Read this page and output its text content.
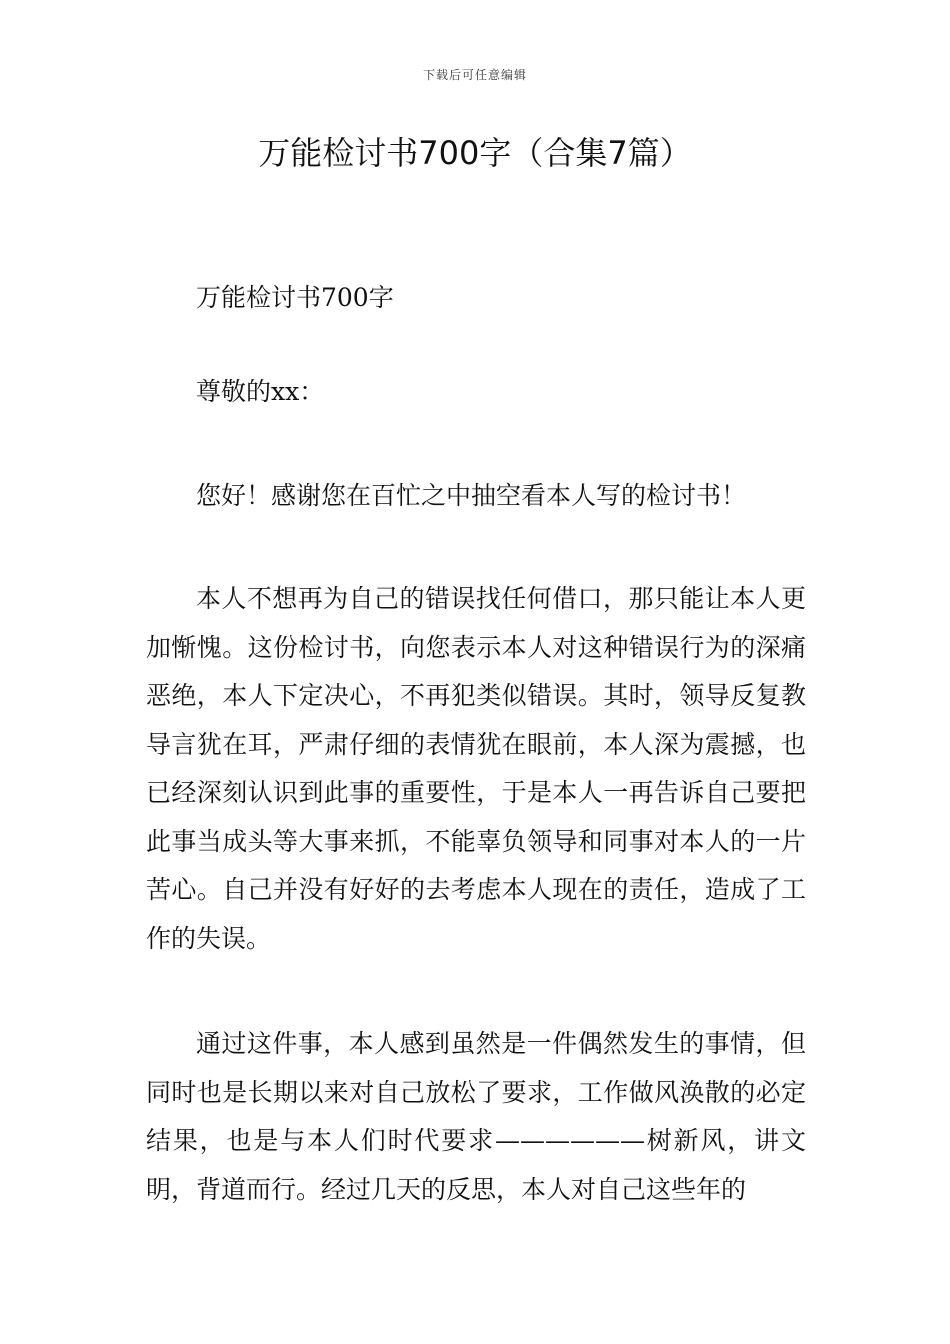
下载后可任意编辑
万能检讨书700字（合集7篇）

万能检讨书700字

尊敬的xx：

您好！感谢您在百忙之中抽空看本人写的检讨书！

本人不想再为自己的错误找任何借口，那只能让本人更加惭愧。这份检讨书，向您表示本人对这种错误行为的深痛恶绝，本人下定决心，不再犯类似错误。其时，领导反复教导言犹在耳，严肃仔细的表情犹在眼前，本人深为震撼，也已经深刻认识到此事的重要性，于是本人一再告诉自己要把此事当成头等大事来抓，不能辜负领导和同事对本人的一片苦心。自己并没有好好的去考虑本人现在的责任，造成了工作的失误。

通过这件事，本人感到虽然是一件偶然发生的事情，但同时也是长期以来对自己放松了要求，工作做风涣散的必定结果，也是与本人们时代要求——————树新风，讲文明，背道而行。经过几天的反思，本人对自己这些年的
